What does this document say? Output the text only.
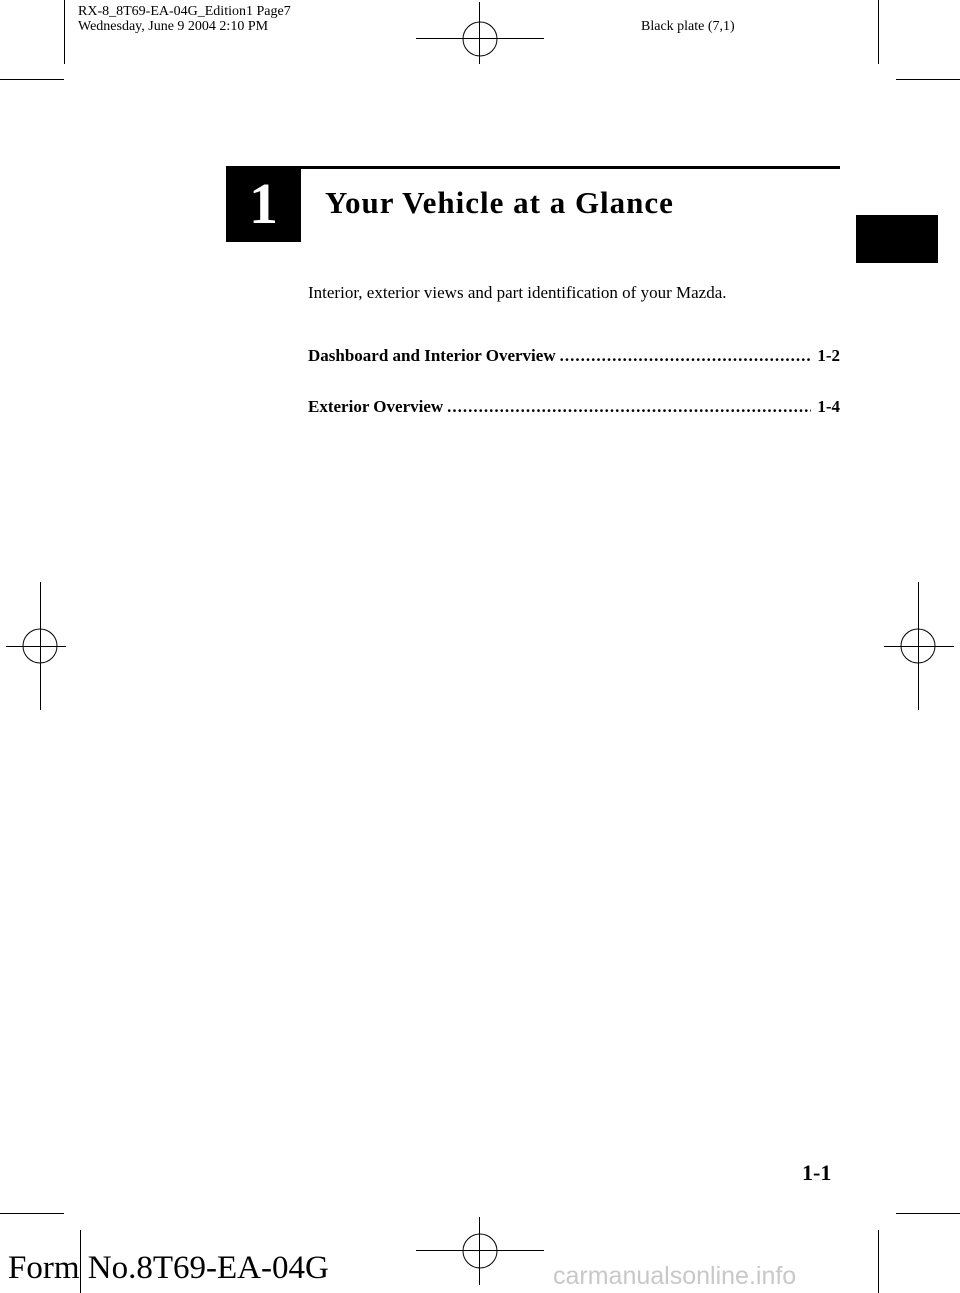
RX-8_8T69-EA-04G_Edition1 Page7
Wednesday, June 9 2004 2:10 PM	Black plate (7,1)
1	Your Vehicle at a Glance
Interior, exterior views and part identification of your Mazda.
Dashboard and Interior Overview .....	1-2
Exterior Overview .....	1-4
1-1
Form No.8T69-EA-04G	carmanualsonline.info
